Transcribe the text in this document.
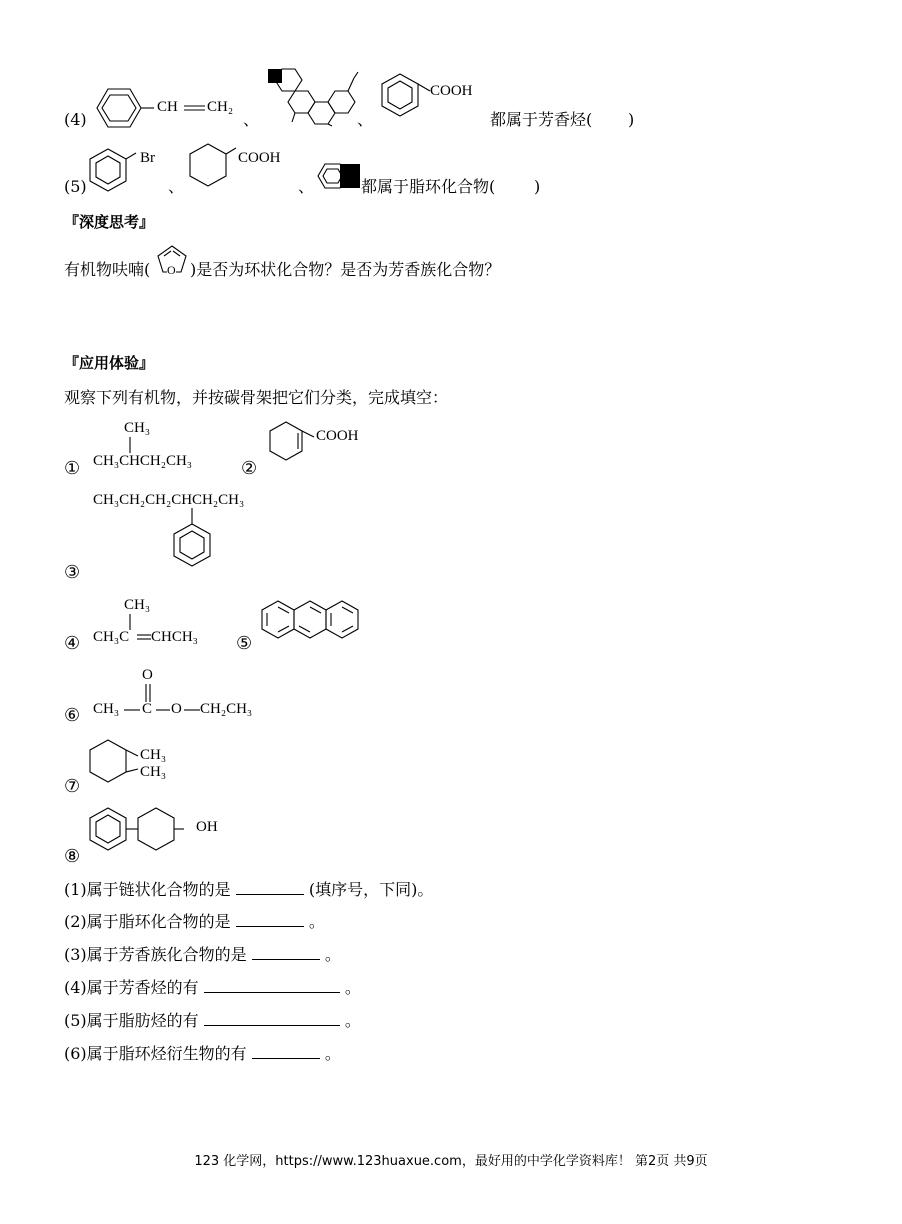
(4)
CH CH₂
、	、
COOH
都属于芳香烃( )
(5)
Br
、
COOH
、	都属于脂环化合物( )
『深度思考』
有机物呋喃( O )是否为环状化合物？是否为芳香族化合物？
『应用体验』
观察下列有机物，并按碳骨架把它们分类，完成填空：
①
CH₃
CH₃CHCH₂CH₃	②
COOH
CH₃CH₂CH₂CHCH₂CH₃
③
④
CH₃
CH₃C CHCH₃ ⑤
⑥
O
CH₃ C O CH₂CH₃
CH₃
CH₃
⑦
OH
⑧
(1)属于链状化合物的是	(填序号，下同)。
(2)属于脂环化合物的是	。
(3)属于芳香族化合物的是	。
(4)属于芳香烃的有	。
(5)属于脂肪烃的有	。
(6)属于脂环烃衍生物的有	。
123 化学网，https://www.123huaxue.com，最好用的中学化学资料库！ 第2页 共9页
